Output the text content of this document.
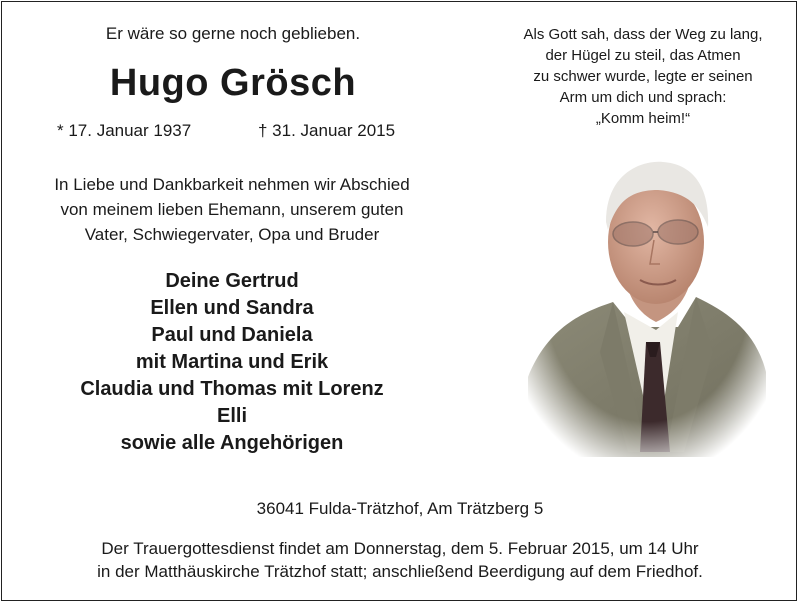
Er wäre so gerne noch geblieben.
Hugo Grösch
* 17. Januar 1937	† 31. Januar 2015
In Liebe und Dankbarkeit nehmen wir Abschied
von meinem lieben Ehemann, unserem guten
Vater, Schwiegervater, Opa und Bruder
Deine Gertrud
Ellen und Sandra
Paul und Daniela
mit Martina und Erik
Claudia und Thomas mit Lorenz
Elli
sowie alle Angehörigen
Als Gott sah, dass der Weg zu lang,
der Hügel zu steil, das Atmen
zu schwer wurde, legte er seinen
Arm um dich und sprach:
„Komm heim!“
36041 Fulda-Trätzhof, Am Trätzberg 5
Der Trauergottesdienst findet am Donnerstag, dem 5. Februar 2015, um 14 Uhr
in der Matthäuskirche Trätzhof statt; anschließend Beerdigung auf dem Friedhof.
